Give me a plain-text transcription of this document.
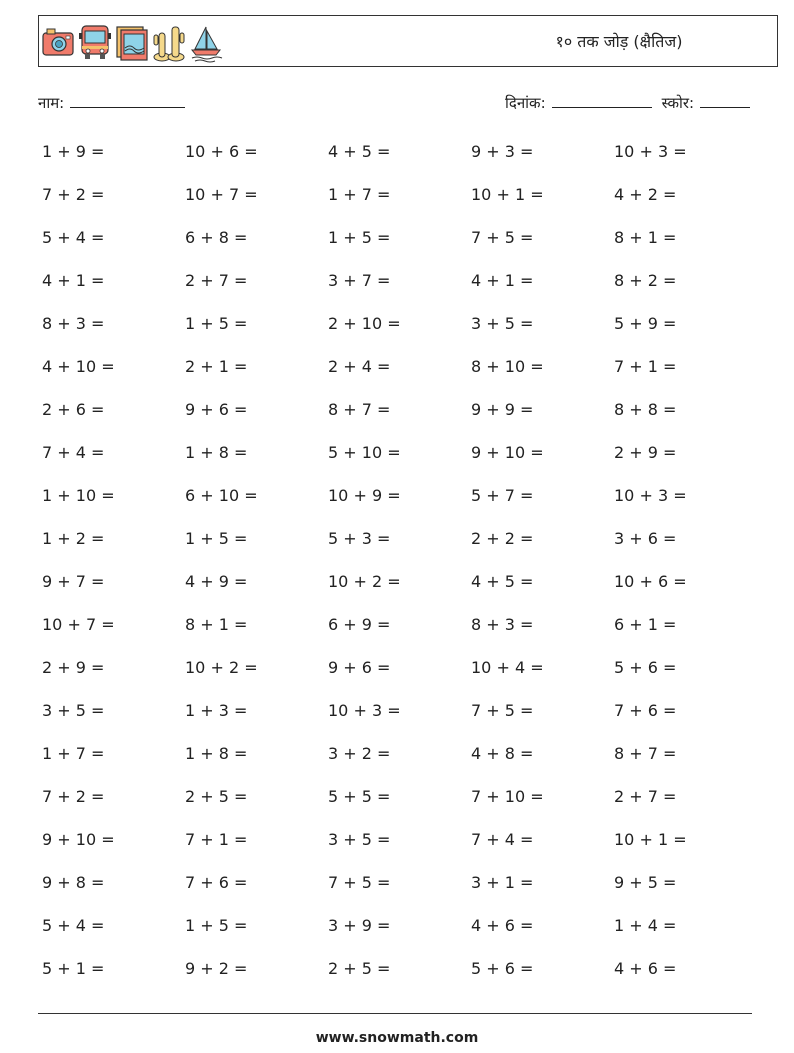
१० तक जोड़ (क्षैतिज)
नाम:	दिनांक:	स्कोर:
1 + 9 =	10 + 6 =	4 + 5 =	9 + 3 =	10 + 3 =
7 + 2 =	10 + 7 =	1 + 7 =	10 + 1 =	4 + 2 =
5 + 4 =	6 + 8 =	1 + 5 =	7 + 5 =	8 + 1 =
4 + 1 =	2 + 7 =	3 + 7 =	4 + 1 =	8 + 2 =
8 + 3 =	1 + 5 =	2 + 10 =	3 + 5 =	5 + 9 =
4 + 10 =	2 + 1 =	2 + 4 =	8 + 10 =	7 + 1 =
2 + 6 =	9 + 6 =	8 + 7 =	9 + 9 =	8 + 8 =
7 + 4 =	1 + 8 =	5 + 10 =	9 + 10 =	2 + 9 =
1 + 10 =	6 + 10 =	10 + 9 =	5 + 7 =	10 + 3 =
1 + 2 =	1 + 5 =	5 + 3 =	2 + 2 =	3 + 6 =
9 + 7 =	4 + 9 =	10 + 2 =	4 + 5 =	10 + 6 =
10 + 7 =	8 + 1 =	6 + 9 =	8 + 3 =	6 + 1 =
2 + 9 =	10 + 2 =	9 + 6 =	10 + 4 =	5 + 6 =
3 + 5 =	1 + 3 =	10 + 3 =	7 + 5 =	7 + 6 =
1 + 7 =	1 + 8 =	3 + 2 =	4 + 8 =	8 + 7 =
7 + 2 =	2 + 5 =	5 + 5 =	7 + 10 =	2 + 7 =
9 + 10 =	7 + 1 =	3 + 5 =	7 + 4 =	10 + 1 =
9 + 8 =	7 + 6 =	7 + 5 =	3 + 1 =	9 + 5 =
5 + 4 =	1 + 5 =	3 + 9 =	4 + 6 =	1 + 4 =
5 + 1 =	9 + 2 =	2 + 5 =	5 + 6 =	4 + 6 =
www.snowmath.com
